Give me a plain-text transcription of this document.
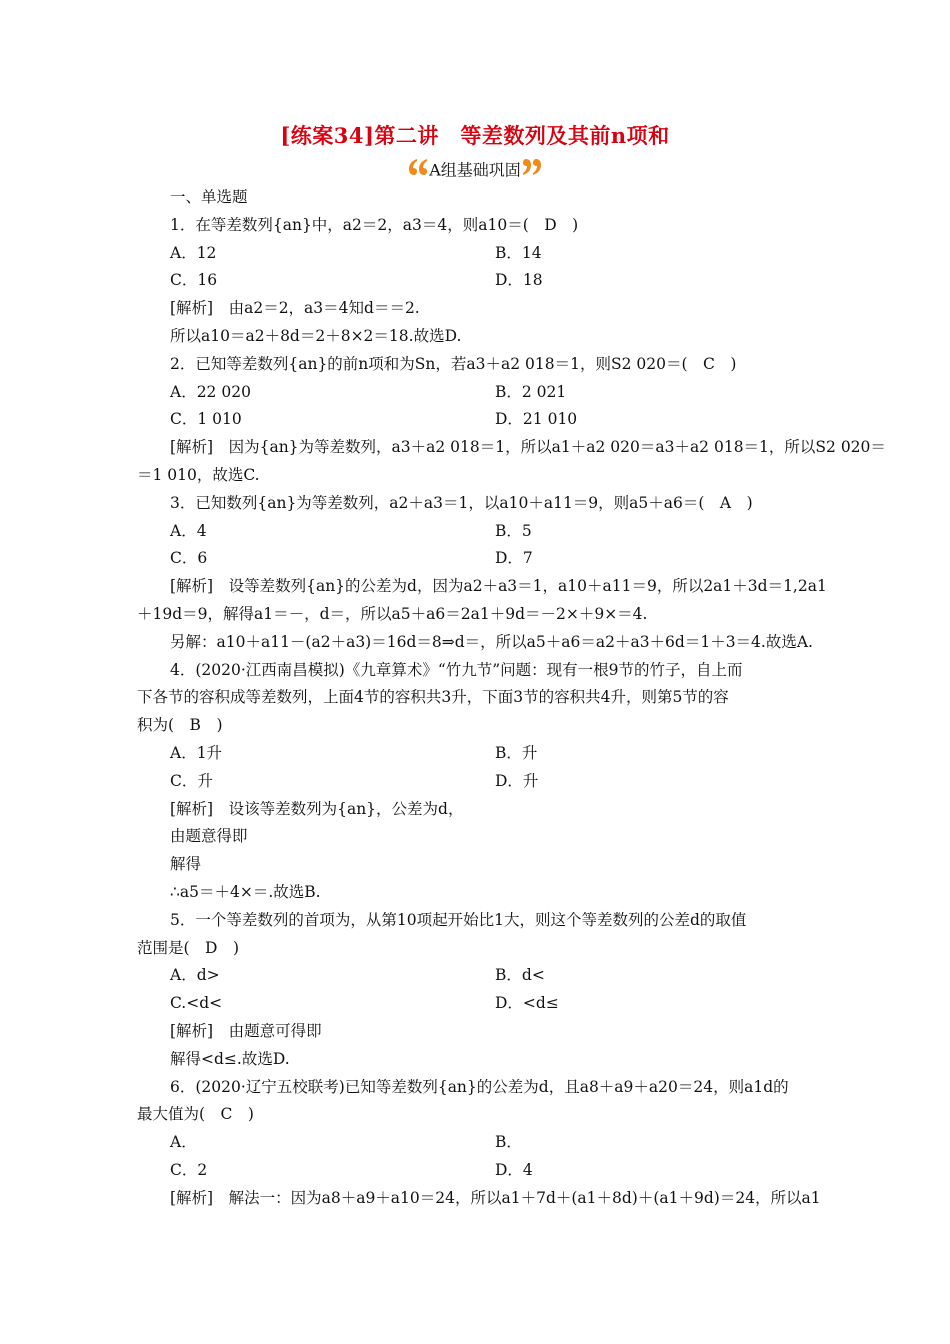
[练案34]第二讲　等差数列及其前n项和
A组基础巩固
一、单选题
1．在等差数列{an}中，a2＝2，a3＝4，则a10＝(　D　)
A．12	B．14
C．16	D．18
[解析]　由a2＝2，a3＝4知d＝＝2.
所以a10＝a2＋8d＝2＋8×2＝18.故选D.
2．已知等差数列{an}的前n项和为Sn，若a3＋a2 018＝1，则S2 020＝(　C　)
A．22 020	B．2 021
C．1 010	D．21 010
[解析]　因为{an}为等差数列，a3＋a2 018＝1，所以a1＋a2 020＝a3＋a2 018＝1，所以S2 020＝
＝1 010，故选C.
3．已知数列{an}为等差数列，a2＋a3＝1，以a10＋a11＝9，则a5＋a6＝(　A　)
A．4	B．5
C．6	D．7
[解析]　设等差数列{an}的公差为d，因为a2＋a3＝1，a10＋a11＝9，所以2a1＋3d＝1,2a1
＋19d＝9，解得a1＝－，d＝，所以a5＋a6＝2a1＋9d＝－2×＋9×＝4.
另解：a10＋a11－(a2＋a3)＝16d＝8⇒d＝，所以a5＋a6＝a2＋a3＋6d＝1＋3＝4.故选A.
4．(2020·江西南昌模拟)《九章算术》“竹九节”问题：现有一根9节的竹子，自上而
下各节的容积成等差数列，上面4节的容积共3升，下面3节的容积共4升，则第5节的容
积为(　B　)
A．1升	B．升
C．升	D．升
[解析]　设该等差数列为{an}，公差为d，
由题意得即
解得
∴a5＝＋4×＝.故选B.
5．一个等差数列的首项为，从第10项起开始比1大，则这个等差数列的公差d的取值
范围是(　D　)
A．d>	B．d<
C.<d<	D．<d≤
[解析]　由题意可得即
解得<d≤.故选D.
6．(2020·辽宁五校联考)已知等差数列{an}的公差为d，且a8＋a9＋a20＝24，则a1d的
最大值为(　C　)
A．	B．
C．2	D．4
[解析]　解法一：因为a8＋a9＋a10＝24，所以a1＋7d＋(a1＋8d)＋(a1＋9d)＝24，所以a1
